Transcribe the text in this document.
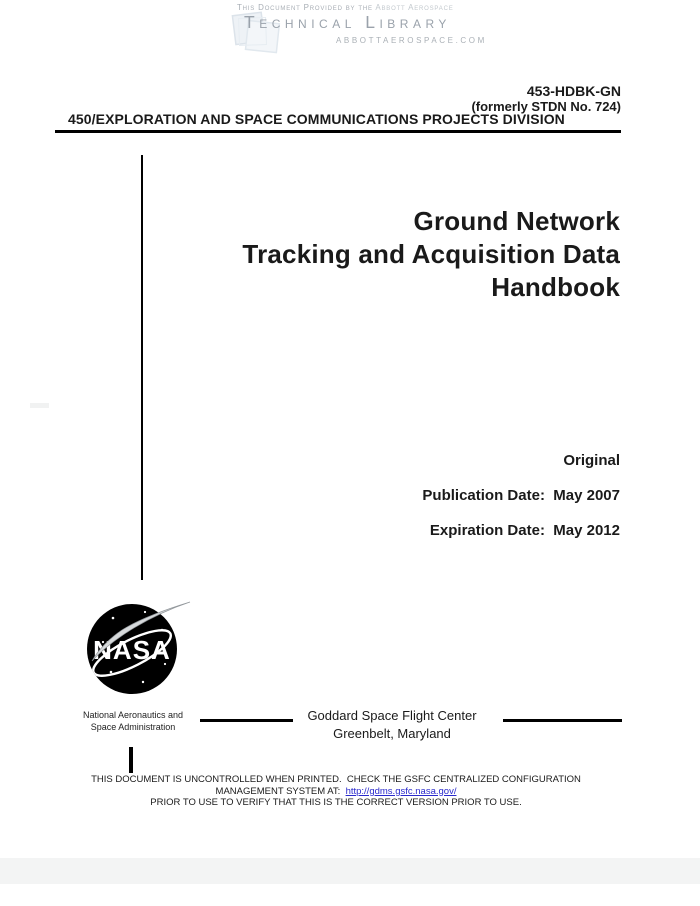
This Document Provided by the Abbott Aerospace
Technical Library
ABBOTTAEROSPACE.COM
453-HDBK-GN
(formerly STDN No. 724)
450/EXPLORATION AND SPACE COMMUNICATIONS PROJECTS DIVISION
Ground Network
Tracking and Acquisition Data
Handbook
Original
Publication Date:  May 2007
Expiration Date:  May 2012
NASA
National Aeronautics and
Space Administration
Goddard Space Flight Center
Greenbelt, Maryland
THIS DOCUMENT IS UNCONTROLLED WHEN PRINTED.  CHECK THE GSFC CENTRALIZED CONFIGURATION
MANAGEMENT SYSTEM AT:  http://gdms.gsfc.nasa.gov/
PRIOR TO USE TO VERIFY THAT THIS IS THE CORRECT VERSION PRIOR TO USE.
